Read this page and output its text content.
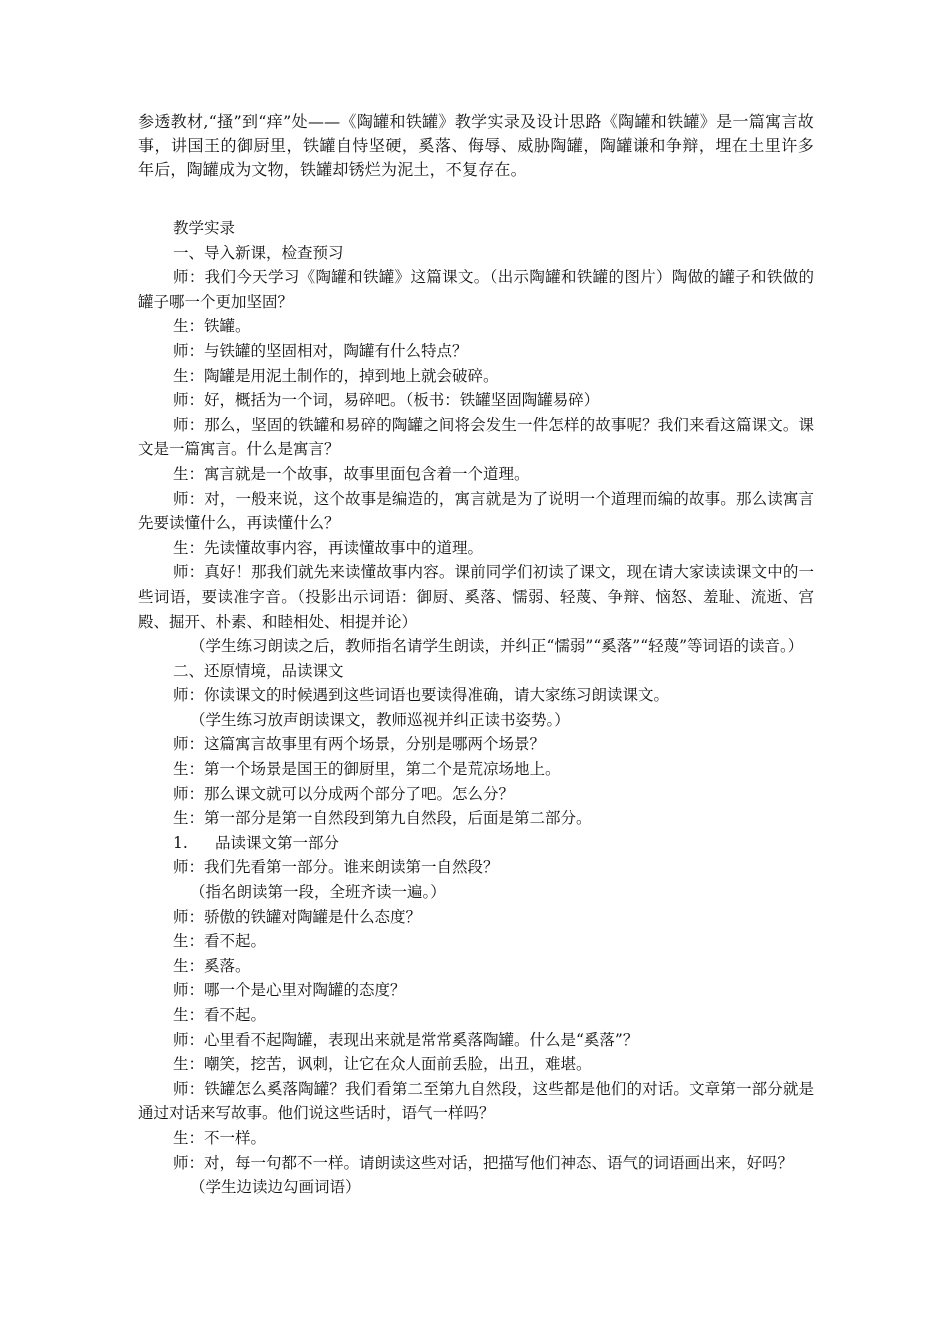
参透教材,“搔”到“痒”处——《陶罐和铁罐》教学实录及设计思路《陶罐和铁罐》是一篇寓言故事，讲国王的御厨里，铁罐自恃坚硬，奚落、侮辱、威胁陶罐，陶罐谦和争辩，埋在土里许多年后，陶罐成为文物，铁罐却锈烂为泥土，不复存在。

教学实录

一、导入新课，检查预习

师：我们今天学习《陶罐和铁罐》这篇课文。（出示陶罐和铁罐的图片）陶做的罐子和铁做的罐子哪一个更加坚固？

生：铁罐。

师：与铁罐的坚固相对，陶罐有什么特点？

生：陶罐是用泥土制作的，掉到地上就会破碎。

师：好，概括为一个词，易碎吧。（板书：铁罐坚固陶罐易碎）

师：那么，坚固的铁罐和易碎的陶罐之间将会发生一件怎样的故事呢？我们来看这篇课文。课文是一篇寓言。什么是寓言？

生：寓言就是一个故事，故事里面包含着一个道理。

师：对，一般来说，这个故事是编造的，寓言就是为了说明一个道理而编的故事。那么读寓言先要读懂什么，再读懂什么？

生：先读懂故事内容，再读懂故事中的道理。

师：真好！那我们就先来读懂故事内容。课前同学们初读了课文，现在请大家读读课文中的一些词语，要读准字音。（投影出示词语：御厨、奚落、懦弱、轻蔑、争辩、恼怒、羞耻、流逝、宫殿、掘开、朴素、和睦相处、相提并论）

（学生练习朗读之后，教师指名请学生朗读，并纠正“懦弱”“奚落”“轻蔑”等词语的读音。）

二、还原情境，品读课文

师：你读课文的时候遇到这些词语也要读得准确，请大家练习朗读课文。

（学生练习放声朗读课文，教师巡视并纠正读书姿势。）

师：这篇寓言故事里有两个场景，分别是哪两个场景？

生：第一个场景是国王的御厨里，第二个是荒凉场地上。

师：那么课文就可以分成两个部分了吧。怎么分？

生：第一部分是第一自然段到第九自然段，后面是第二部分。

1. 品读课文第一部分

师：我们先看第一部分。谁来朗读第一自然段？

（指名朗读第一段，全班齐读一遍。）

师：骄傲的铁罐对陶罐是什么态度？

生：看不起。

生：奚落。

师：哪一个是心里对陶罐的态度？

生：看不起。

师：心里看不起陶罐，表现出来就是常常奚落陶罐。什么是“奚落”？

生：嘲笑，挖苦，讽刺，让它在众人面前丢脸，出丑，难堪。

师：铁罐怎么奚落陶罐？我们看第二至第九自然段，这些都是他们的对话。文章第一部分就是通过对话来写故事。他们说这些话时，语气一样吗？

生：不一样。

师：对，每一句都不一样。请朗读这些对话，把描写他们神态、语气的词语画出来，好吗？

（学生边读边勾画词语）
